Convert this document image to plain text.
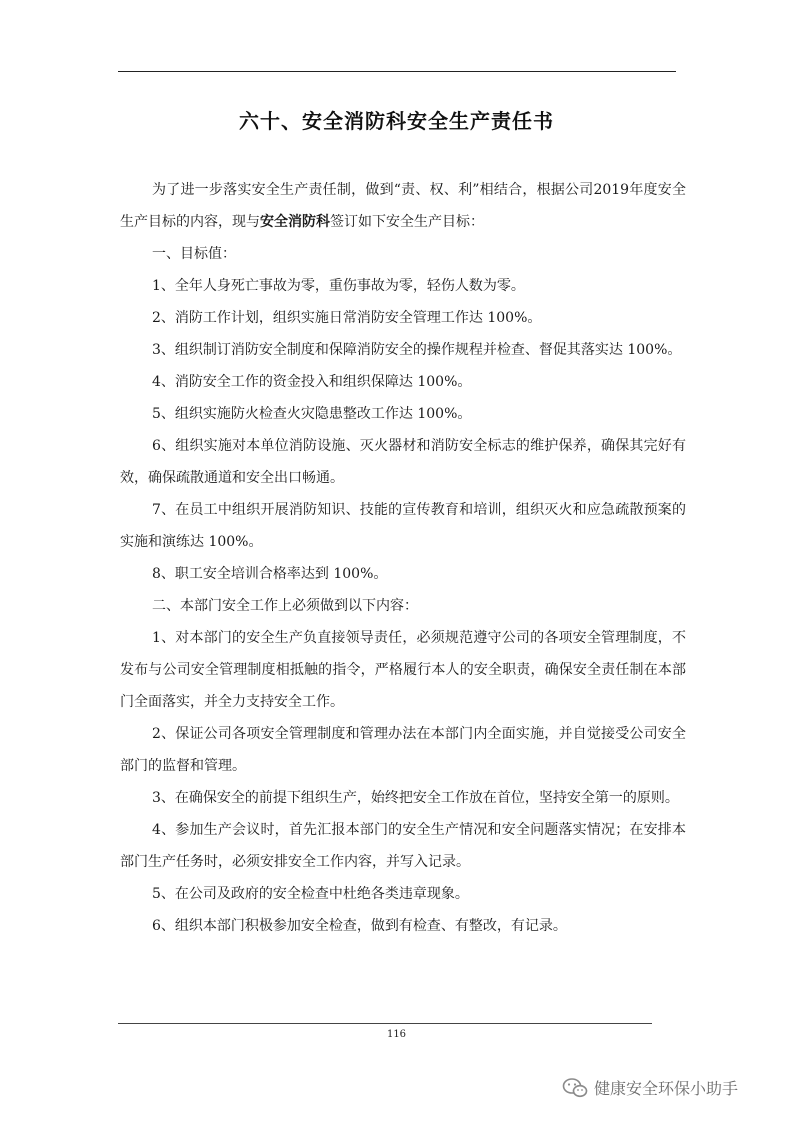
六十、安全消防科安全生产责任书

为了进一步落实安全生产责任制，做到“责、权、利”相结合，根据公司2019年度安全生产目标的内容，现与安全消防科签订如下安全生产目标：

一、目标值：

1、全年人身死亡事故为零，重伤事故为零，轻伤人数为零。

2、消防工作计划，组织实施日常消防安全管理工作达 100%。

3、组织制订消防安全制度和保障消防安全的操作规程并检查、督促其落实达 100%。

4、消防安全工作的资金投入和组织保障达 100%。

5、组织实施防火检查火灾隐患整改工作达 100%。

6、组织实施对本单位消防设施、灭火器材和消防安全标志的维护保养，确保其完好有效，确保疏散通道和安全出口畅通。

7、在员工中组织开展消防知识、技能的宣传教育和培训，组织灭火和应急疏散预案的实施和演练达 100%。

8、职工安全培训合格率达到 100%。

二、本部门安全工作上必须做到以下内容：

1、对本部门的安全生产负直接领导责任，必须规范遵守公司的各项安全管理制度，不发布与公司安全管理制度相抵触的指令，严格履行本人的安全职责，确保安全责任制在本部门全面落实，并全力支持安全工作。

2、保证公司各项安全管理制度和管理办法在本部门内全面实施，并自觉接受公司安全部门的监督和管理。

3、在确保安全的前提下组织生产，始终把安全工作放在首位，坚持安全第一的原则。

4、参加生产会议时，首先汇报本部门的安全生产情况和安全问题落实情况；在安排本部门生产任务时，必须安排安全工作内容，并写入记录。

5、在公司及政府的安全检查中杜绝各类违章现象。

6、组织本部门积极参加安全检查，做到有检查、有整改，有记录。

116
健康安全环保小助手
